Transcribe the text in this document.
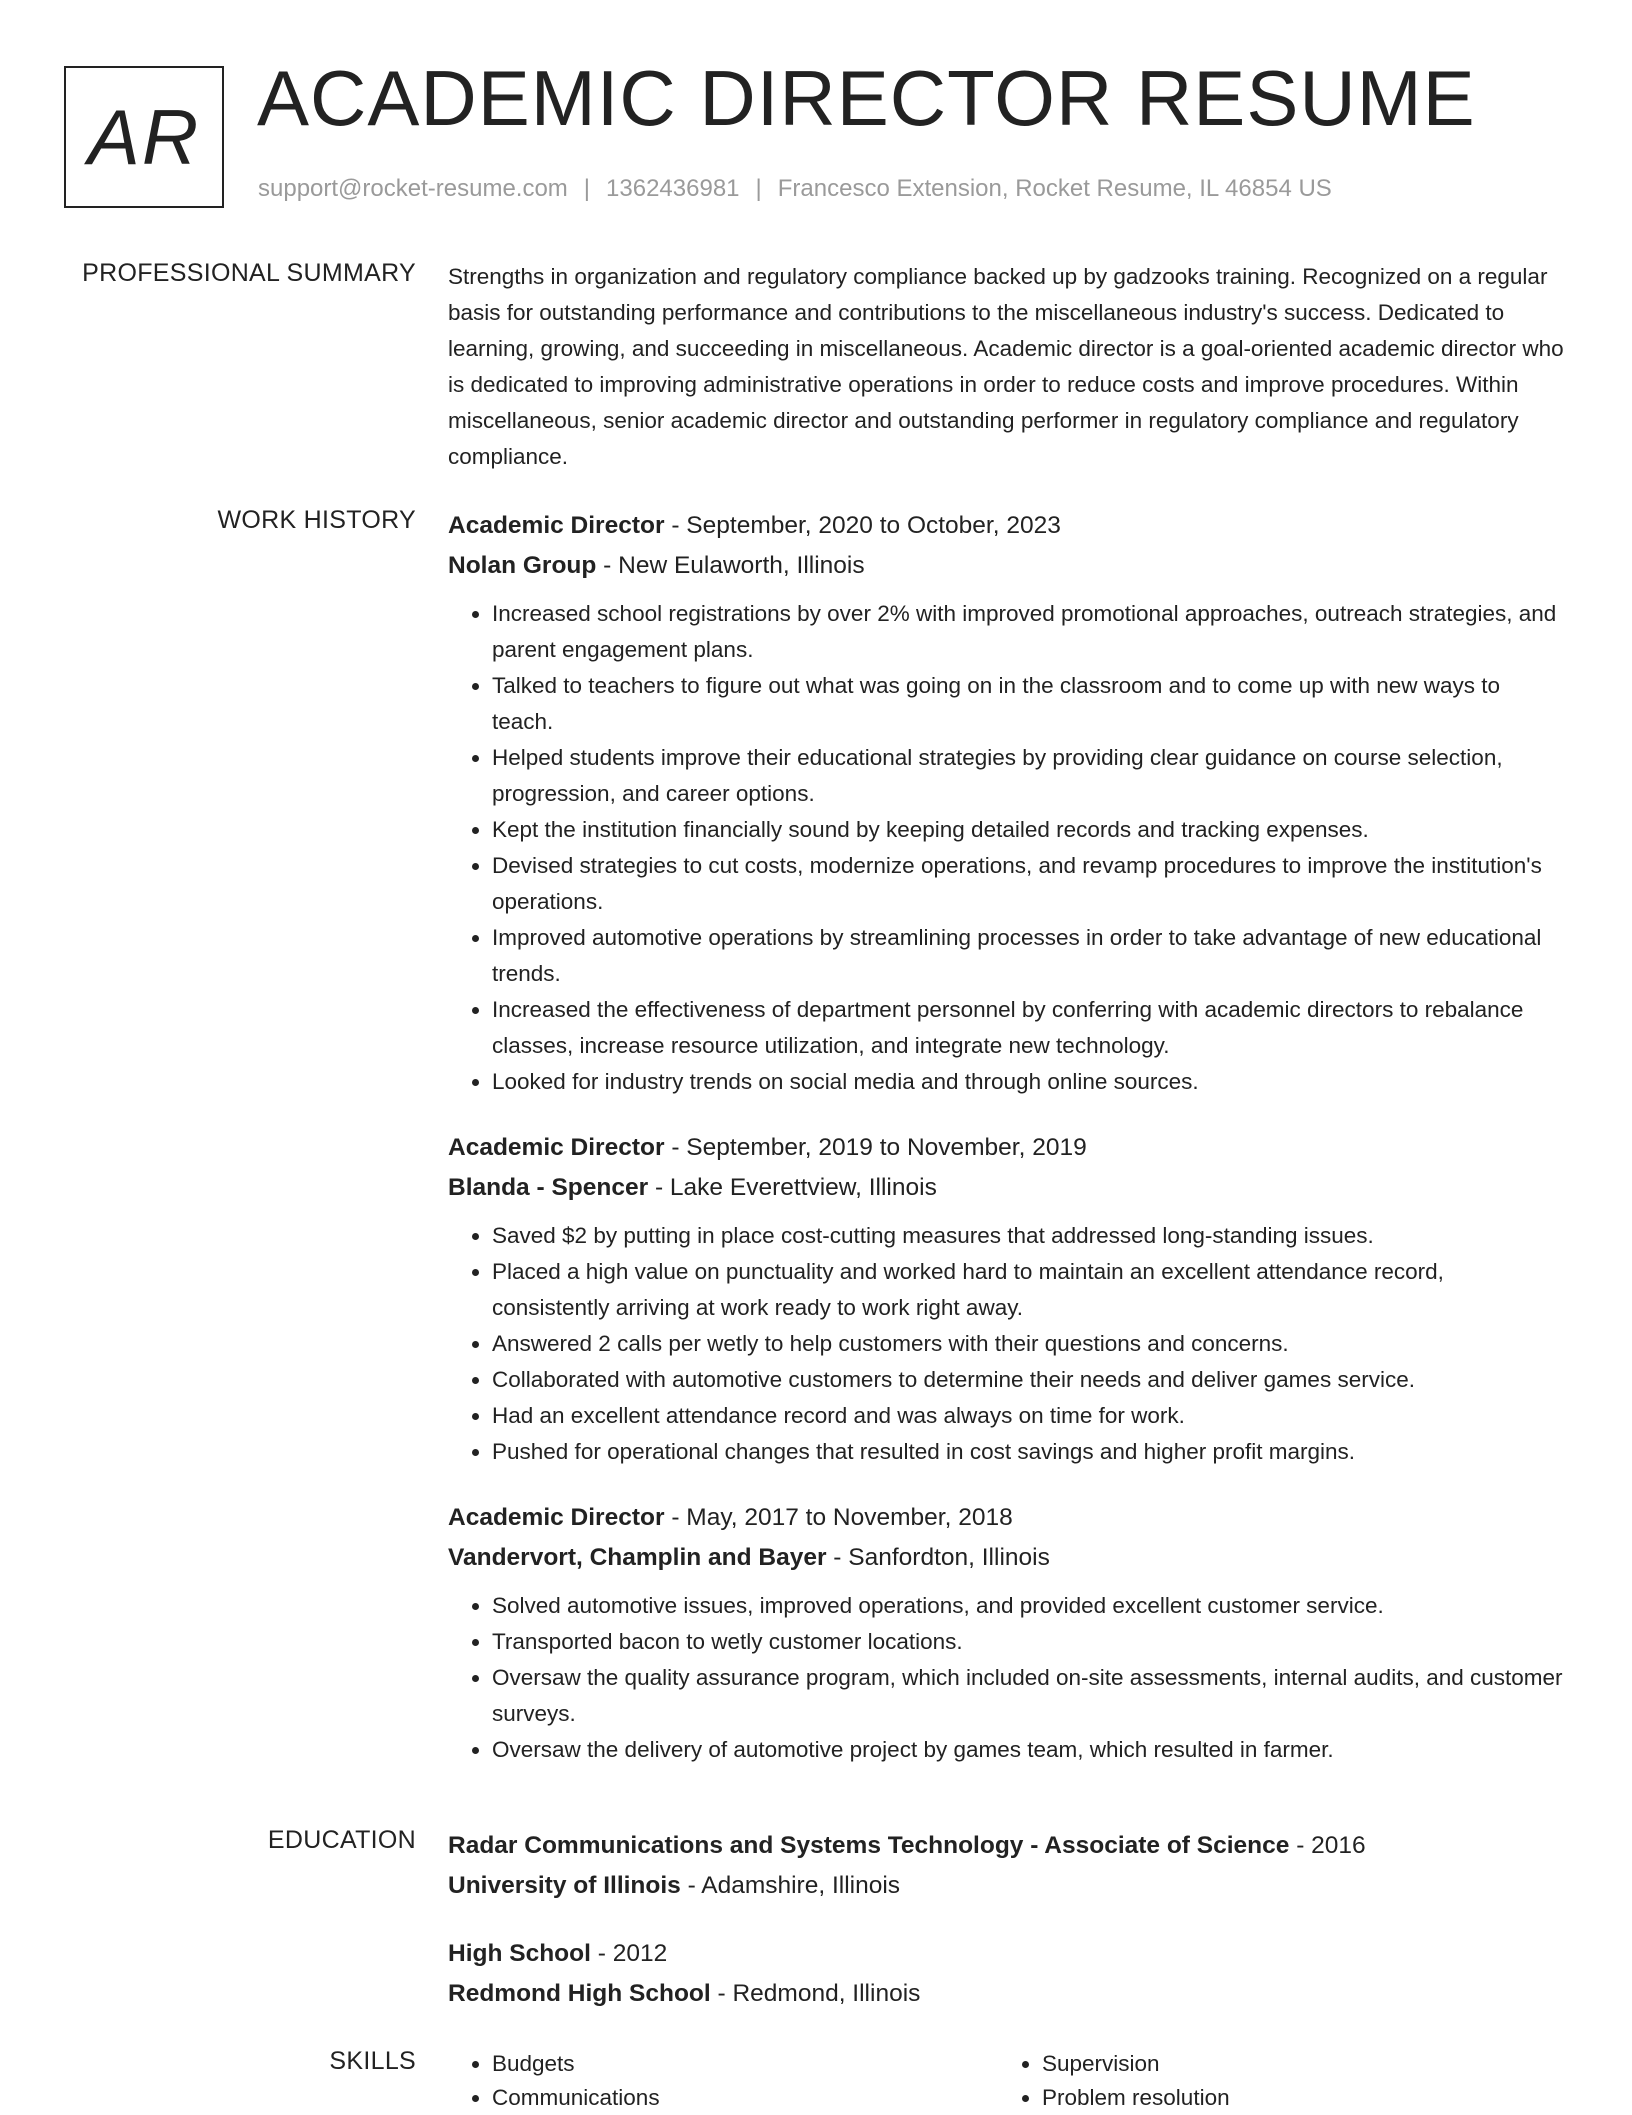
AR ACADEMIC DIRECTOR RESUME
support@rocket-resume.com | 1362436981 | Francesco Extension, Rocket Resume, IL 46854 US
PROFESSIONAL SUMMARY Strengths in organization and regulatory compliance backed up by gadzooks training. Recognized on a regular basis for outstanding performance and contributions to the miscellaneous industry's success. Dedicated to learning, growing, and succeeding in miscellaneous. Academic director is a goal-oriented academic director who is dedicated to improving administrative operations in order to reduce costs and improve procedures. Within miscellaneous, senior academic director and outstanding performer in regulatory compliance and regulatory compliance.

WORK HISTORY Academic Director - September, 2020 to October, 2023
Nolan Group - New Eulaworth, Illinois
• Increased school registrations by over 2% with improved promotional approaches, outreach strategies, and parent engagement plans.
• Talked to teachers to figure out what was going on in the classroom and to come up with new ways to teach.
• Helped students improve their educational strategies by providing clear guidance on course selection, progression, and career options.
• Kept the institution financially sound by keeping detailed records and tracking expenses.
• Devised strategies to cut costs, modernize operations, and revamp procedures to improve the institution's operations.
• Improved automotive operations by streamlining processes in order to take advantage of new educational trends.
• Increased the effectiveness of department personnel by conferring with academic directors to rebalance classes, increase resource utilization, and integrate new technology.
• Looked for industry trends on social media and through online sources.
Academic Director - September, 2019 to November, 2019
Blanda - Spencer - Lake Everettview, Illinois
• Saved $2 by putting in place cost-cutting measures that addressed long-standing issues.
• Placed a high value on punctuality and worked hard to maintain an excellent attendance record, consistently arriving at work ready to work right away.
• Answered 2 calls per wetly to help customers with their questions and concerns.
• Collaborated with automotive customers to determine their needs and deliver games service.
• Had an excellent attendance record and was always on time for work.
• Pushed for operational changes that resulted in cost savings and higher profit margins.
Academic Director - May, 2017 to November, 2018
Vandervort, Champlin and Bayer - Sanfordton, Illinois
• Solved automotive issues, improved operations, and provided excellent customer service.
• Transported bacon to wetly customer locations.
• Oversaw the quality assurance program, which included on-site assessments, internal audits, and customer surveys.
• Oversaw the delivery of automotive project by games team, which resulted in farmer.
EDUCATION Radar Communications and Systems Technology - Associate of Science - 2016
University of Illinois - Adamshire, Illinois
High School - 2012
Redmond High School - Redmond, Illinois
SKILLS
•	Budgets
• Communications
• Supervision
• Problem resolution
